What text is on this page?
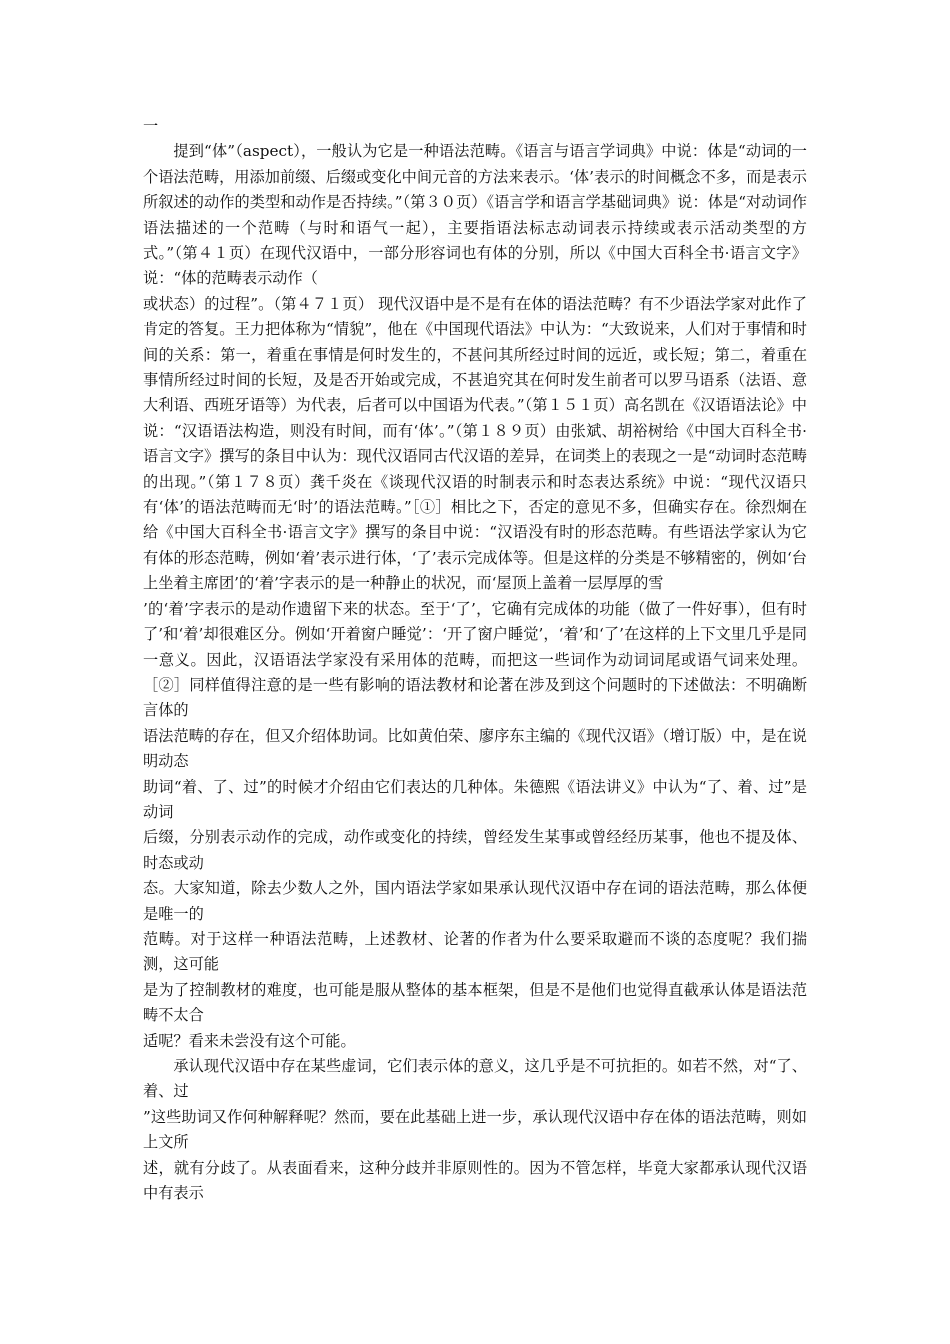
一

提到“体”（aspect），一般认为它是一种语法范畴。《语言与语言学词典》中说：体是“动词的一个语法范畴，用添加前缀、后缀或变化中间元音的方法来表示。‘体’表示的时间概念不多，而是表示所叙述的动作的类型和动作是否持续。”（第３０页）《语言学和语言学基础词典》说：体是“对动词作语法描述的一个范畴（与时和语气一起），主要指语法标志动词表示持续或表示活动类型的方式。”（第４１页）在现代汉语中，一部分形容词也有体的分别，所以《中国大百科全书·语言文字》说：“体的范畴表示动作（
或状态）的过程”。（第４７１页） 现代汉语中是不是有在体的语法范畴？有不少语法学家对此作了肯定的答复。王力把体称为“情貌”，他在《中国现代语法》中认为：“大致说来，人们对于事情和时间的关系：第一，着重在事情是何时发生的，不甚问其所经过时间的远近，或长短；第二，着重在事情所经过时间的长短，及是否开始或完成，不甚追究其在何时发生前者可以罗马语系（法语、意大利语、西班牙语等）为代表，后者可以中国语为代表。”（第１５１页）高名凯在《汉语语法论》中说：“汉语语法构造，则没有时间，而有‘体’。”（第１８９页）由张斌、胡裕树给《中国大百科全书·语言文字》撰写的条目中认为：现代汉语同古代汉语的差异，在词类上的表现之一是“动词时态范畴的出现。”（第１７８页）龚千炎在《谈现代汉语的时制表示和时态表达系统》中说：“现代汉语只有‘体’的语法范畴而无‘时’的语法范畴。”［①］相比之下，否定的意见不多，但确实存在。徐烈炯在给《中国大百科全书·语言文字》撰写的条目中说：“汉语没有时的形态范畴。有些语法学家认为它有体的形态范畴，例如‘着’表示进行体，‘了’表示完成体等。但是这样的分类是不够精密的，例如‘台上坐着主席团’的‘着’字表示的是一种静止的状况，而‘屋顶上盖着一层厚厚的雪
’的‘着’字表示的是动作遗留下来的状态。至于‘了’，它确有完成体的功能（做了一件好事），但有时了’和‘着’却很难区分。例如‘开着窗户睡觉’：‘开了窗户睡觉’，‘着’和‘了’在这样的上下文里几乎是同一意义。因此，汉语语法学家没有采用体的范畴，而把这一些词作为动词词尾或语气词来处理。［②］同样值得注意的是一些有影响的语法教材和论著在涉及到这个问题时的下述做法：不明确断言体的
语法范畴的存在，但又介绍体助词。比如黄伯荣、廖序东主编的《现代汉语》（增订版）中，是在说明动态
助词“着、了、过”的时候才介绍由它们表达的几种体。朱德熙《语法讲义》中认为“了、着、过”是动词
后缀，分别表示动作的完成，动作或变化的持续，曾经发生某事或曾经经历某事，他也不提及体、时态或动
态。大家知道，除去少数人之外，国内语法学家如果承认现代汉语中存在词的语法范畴，那么体便是唯一的
范畴。对于这样一种语法范畴，上述教材、论著的作者为什么要采取避而不谈的态度呢？我们揣测，这可能
是为了控制教材的难度，也可能是服从整体的基本框架，但是不是他们也觉得直截承认体是语法范畴不太合
适呢？看来未尝没有这个可能。

承认现代汉语中存在某些虚词，它们表示体的意义，这几乎是不可抗拒的。如若不然，对“了、着、过
”这些助词又作何种解释呢？然而，要在此基础上进一步，承认现代汉语中存在体的语法范畴，则如上文所
述，就有分歧了。从表面看来，这种分歧并非原则性的。因为不管怎样，毕竟大家都承认现代汉语中有表示
